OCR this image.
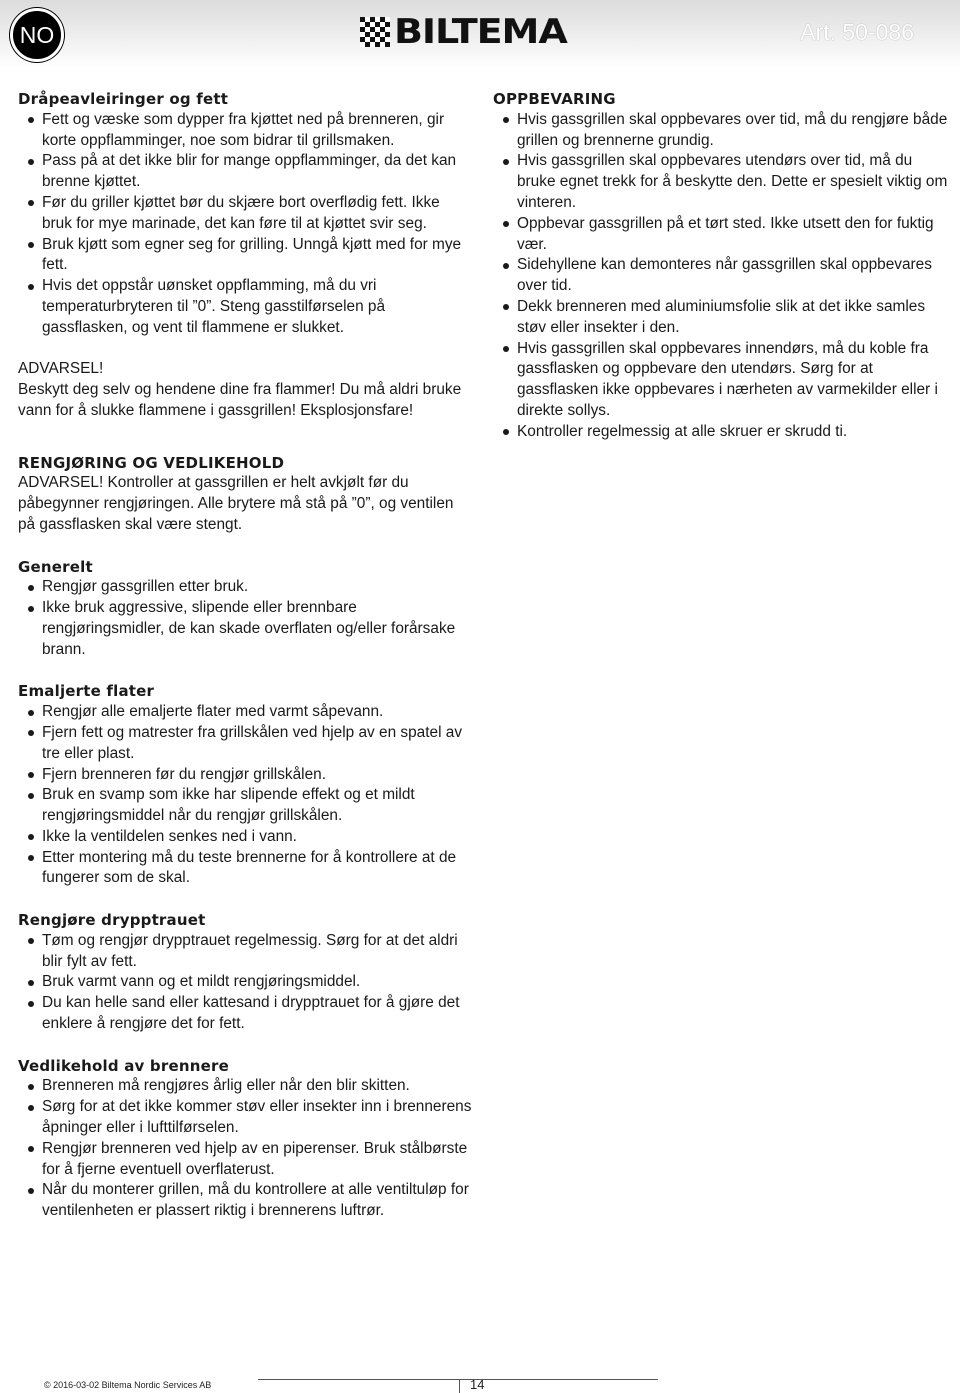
NO	BILTEMA	Art. 50-086
Dråpeavleiringer og fett
Fett og væske som dypper fra kjøttet ned på brenneren, gir korte oppflamminger, noe som bidrar til grillsmaken.
Pass på at det ikke blir for mange oppflamminger, da det kan brenne kjøttet.
Før du griller kjøttet bør du skjære bort overflødig fett. Ikke bruk for mye marinade, det kan føre til at kjøttet svir seg.
Bruk kjøtt som egner seg for grilling. Unngå kjøtt med for mye fett.
Hvis det oppstår uønsket oppflamming, må du vri temperaturbryteren til ”0”. Steng gasstilførselen på gassflasken, og vent til flammene er slukket.
ADVARSEL!
Beskytt deg selv og hendene dine fra flammer! Du må aldri bruke vann for å slukke flammene i gassgrillen! Eksplosjonsfare!
RENGJØRING OG VEDLIKEHOLD
ADVARSEL! Kontroller at gassgrillen er helt avkjølt før du påbegynner rengjøringen. Alle brytere må stå på ”0”, og ventilen på gassflasken skal være stengt.
Generelt
Rengjør gassgrillen etter bruk.
Ikke bruk aggressive, slipende eller brennbare rengjøringsmidler, de kan skade overflaten og/eller forårsake brann.
Emaljerte flater
Rengjør alle emaljerte flater med varmt såpevann.
Fjern fett og matrester fra grillskålen ved hjelp av en spatel av tre eller plast.
Fjern brenneren før du rengjør grillskålen.
Bruk en svamp som ikke har slipende effekt og et mildt rengjøringsmiddel når du rengjør grillskålen.
Ikke la ventildelen senkes ned i vann.
Etter montering må du teste brennerne for å kontrollere at de fungerer som de skal.
Rengjøre drypptrauet
Tøm og rengjør drypptrauet regelmessig. Sørg for at det aldri blir fylt av fett.
Bruk varmt vann og et mildt rengjøringsmiddel.
Du kan helle sand eller kattesand i drypptrauet for å gjøre det enklere å rengjøre det for fett.
Vedlikehold av brennere
Brenneren må rengjøres årlig eller når den blir skitten.
Sørg for at det ikke kommer støv eller insekter inn i brennerens åpninger eller i lufttilførselen.
Rengjør brenneren ved hjelp av en piperenser. Bruk stålbørste for å fjerne eventuell overflaterust.
Når du monterer grillen, må du kontrollere at alle ventiltuløp for ventilenheten er plassert riktig i brennerens luftrør.
OPPBEVARING
Hvis gassgrillen skal oppbevares over tid, må du rengjøre både grillen og brennerne grundig.
Hvis gassgrillen skal oppbevares utendørs over tid, må du bruke egnet trekk for å beskytte den. Dette er spesielt viktig om vinteren.
Oppbevar gassgrillen på et tørt sted. Ikke utsett den for fuktig vær.
Sidehyllene kan demonteres når gassgrillen skal oppbevares over tid.
Dekk brenneren med aluminiumsfolie slik at det ikke samles støv eller insekter i den.
Hvis gassgrillen skal oppbevares innendørs, må du koble fra gassflasken og oppbevare den utendørs. Sørg for at gassflasken ikke oppbevares i nærheten av varmekilder eller i direkte sollys.
Kontroller regelmessig at alle skruer er skrudd ti.
© 2016-03-02 Biltema Nordic Services AB	14
